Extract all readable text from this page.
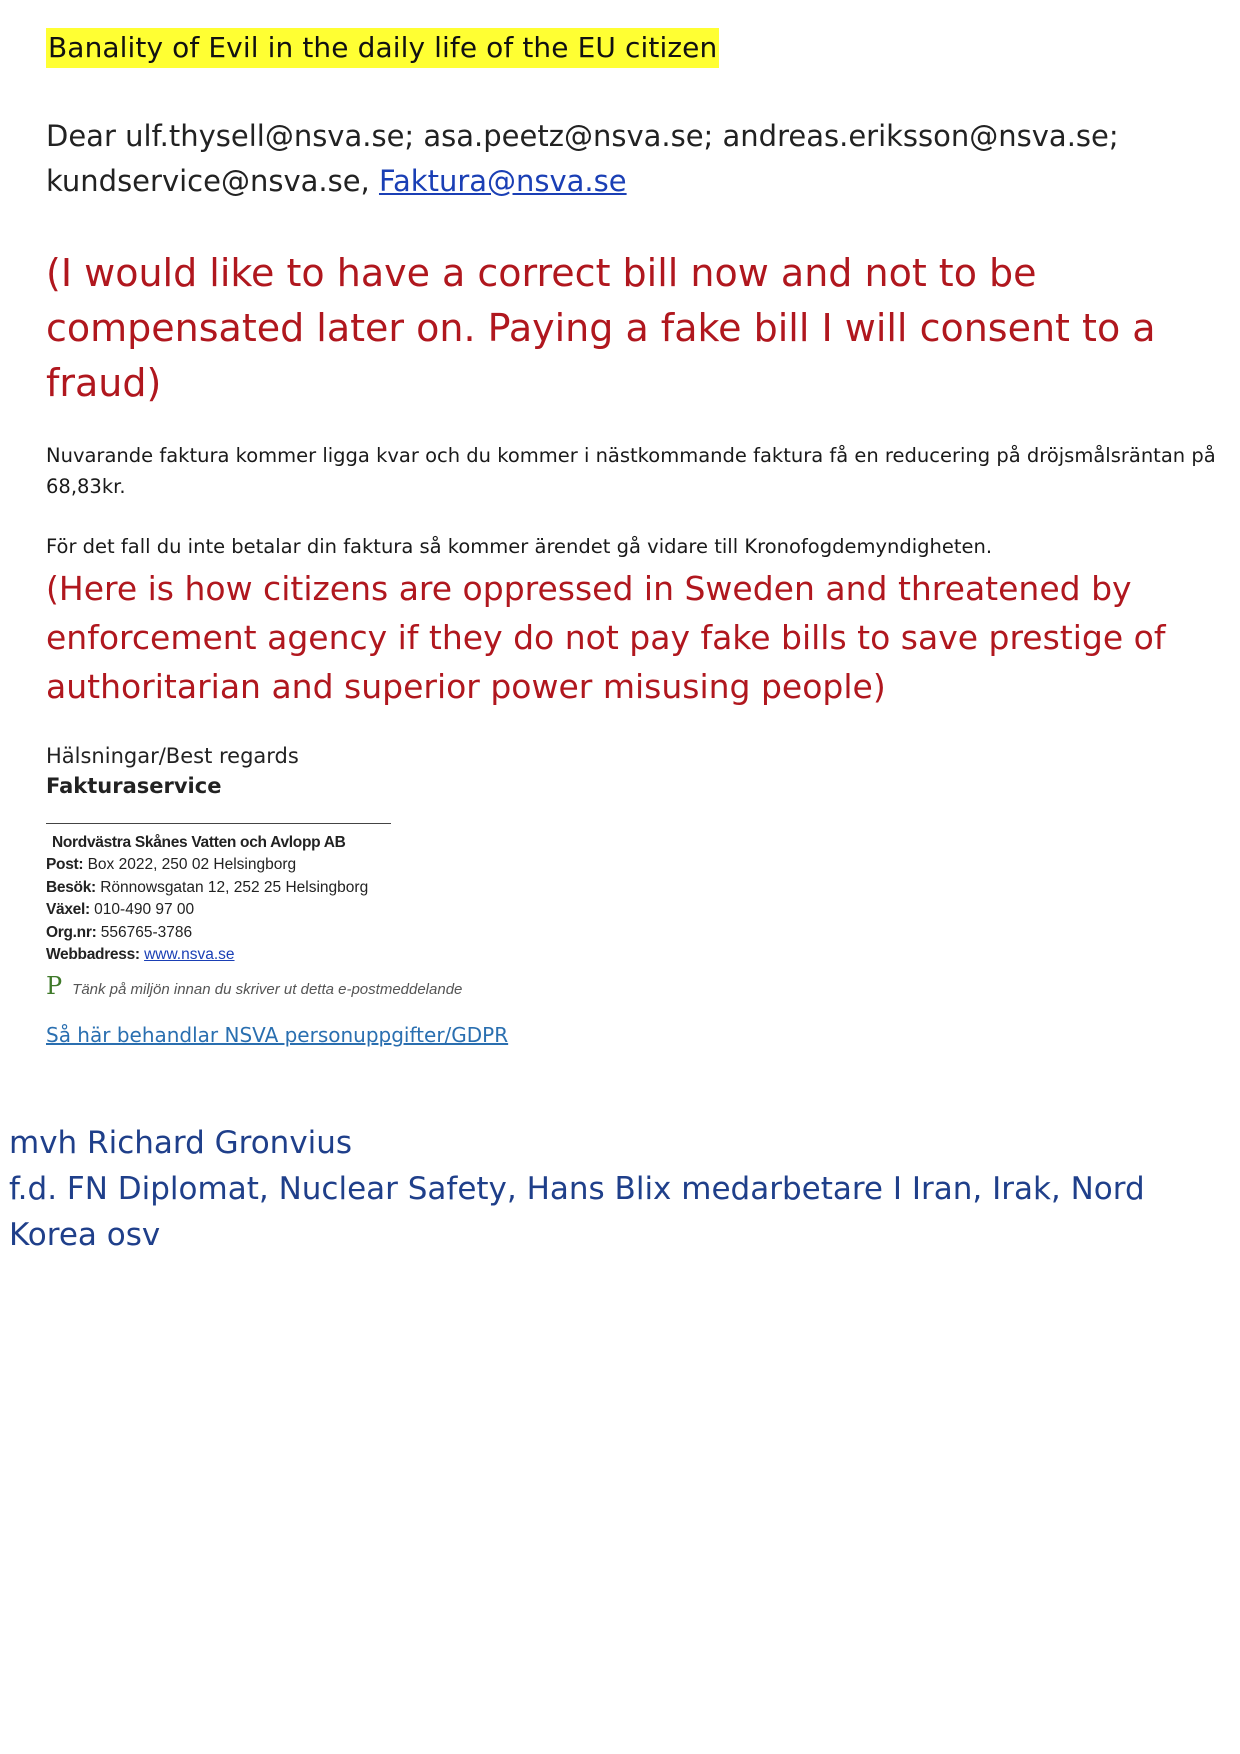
Banality of Evil in the daily life of the EU citizen
Dear ulf.thysell@nsva.se; asa.peetz@nsva.se; andreas.eriksson@nsva.se; kundservice@nsva.se, Faktura@nsva.se
(I would like to have a correct bill now and not to be compensated later on. Paying a fake bill I will consent to a fraud)
Nuvarande faktura kommer ligga kvar och du kommer i nästkommande faktura få en reducering på dröjsmålsräntan på 68,83kr.
För det fall du inte betalar din faktura så kommer ärendet gå vidare till Kronofogdemyndigheten.
(Here is how citizens are oppressed in Sweden and threatened by enforcement agency if they do not pay fake bills to save prestige of authoritarian and superior power misusing people)
Hälsningar/Best regards
Fakturaservice
Nordvästra Skånes Vatten och Avlopp AB
Post: Box 2022, 250 02 Helsingborg
Besök: Rönnowsgatan 12, 252 25 Helsingborg
Växel: 010-490 97 00
Org.nr: 556765-3786
Webbadress: www.nsva.se
P Tänk på miljön innan du skriver ut detta e-postmeddelande
Så här behandlar NSVA personuppgifter/GDPR
mvh Richard Gronvius
f.d. FN Diplomat, Nuclear Safety, Hans Blix medarbetare I Iran, Irak, Nord Korea osv
